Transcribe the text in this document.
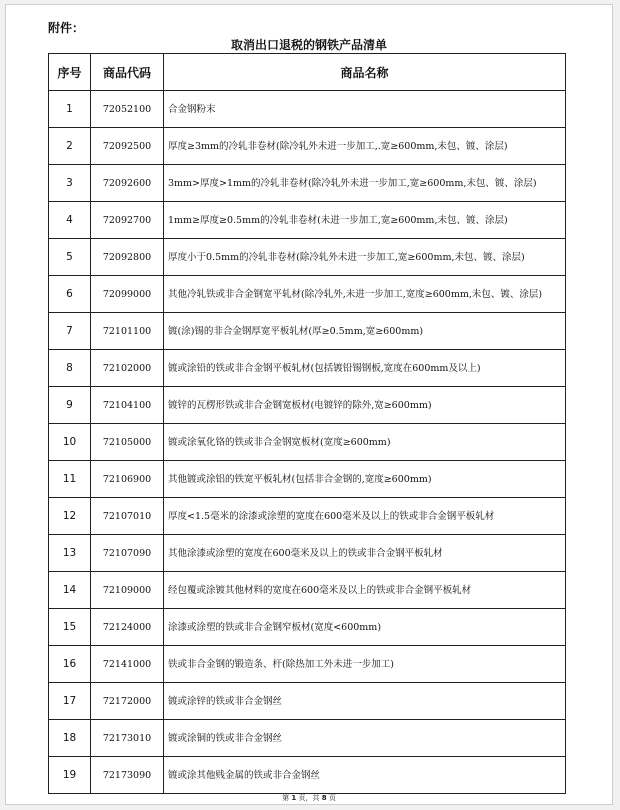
附件：
取消出口退税的钢铁产品清单
序号	商品代码	商品名称
1	72052100	合金钢粉末
2	72092500	厚度≥3mm的冷轧非卷材(除冷轧外未进一步加工,.宽≥600mm,未包、镀、涂层)
3	72092600	3mm>厚度>1mm的冷轧非卷材(除冷轧外未进一步加工,宽≥600mm,未包、镀、涂层)
4	72092700	1mm≥厚度≥0.5mm的冷轧非卷材(未进一步加工,宽≥600mm,未包、镀、涂层)
5	72092800	厚度小于0.5mm的冷轧非卷材(除冷轧外未进一步加工,宽≥600mm,未包、镀、涂层)
6	72099000	其他冷轧铁或非合金钢宽平轧材(除冷轧外,未进一步加工,宽度≥600mm,未包、镀、涂层)
7	72101100	镀(涂)锡的非合金钢厚宽平板轧材(厚≥0.5mm,宽≥600mm)
8	72102000	镀或涂铅的铁或非合金钢平板轧材(包括镀铅锡钢板,宽度在600mm及以上)
9	72104100	镀锌的瓦楞形铁或非合金钢宽板材(电镀锌的除外,宽≥600mm)
10	72105000	镀或涂氧化铬的铁或非合金钢宽板材(宽度≥600mm)
11	72106900	其他镀或涂铝的铁宽平板轧材(包括非合金钢的,宽度≥600mm)
12	72107010	厚度<1.5毫米的涂漆或涂塑的宽度在600毫米及以上的铁或非合金钢平板轧材
13	72107090	其他涂漆或涂塑的宽度在600毫米及以上的铁或非合金钢平板轧材
14	72109000	经包覆或涂镀其他材料的宽度在600毫米及以上的铁或非合金钢平板轧材
15	72124000	涂漆或涂塑的铁或非合金钢窄板材(宽度<600mm)
16	72141000	铁或非合金钢的锻造条、杆(除热加工外未进一步加工)
17	72172000	镀或涂锌的铁或非合金钢丝
18	72173010	镀或涂铜的铁或非合金钢丝
19	72173090	镀或涂其他贱金属的铁或非合金钢丝
第 1 页，共 8 页
